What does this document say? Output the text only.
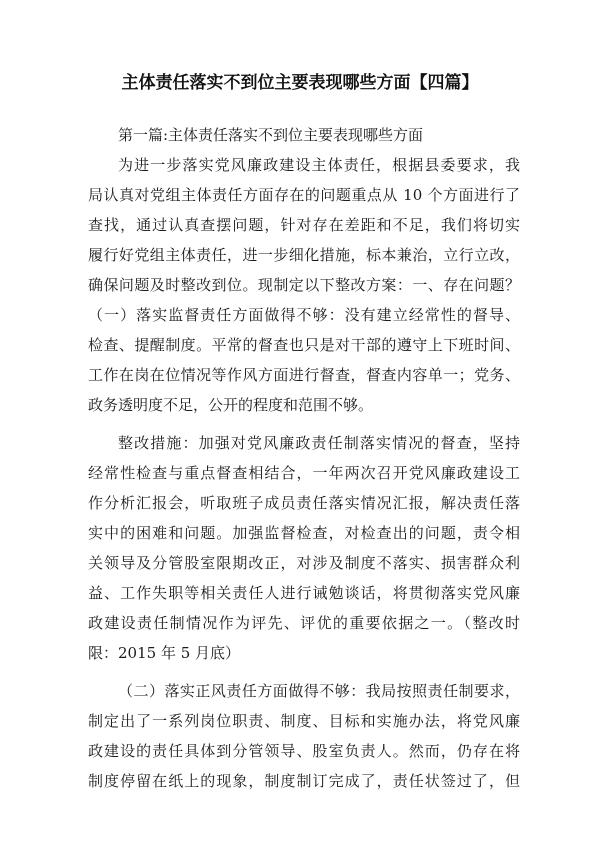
主体责任落实不到位主要表现哪些方面【四篇】
第一篇:主体责任落实不到位主要表现哪些方面
为进一步落实党风廉政建设主体责任，根据县委要求，我
局认真对党组主体责任方面存在的问题重点从 10 个方面进行了
查找，通过认真查摆问题，针对存在差距和不足，我们将切实
履行好党组主体责任，进一步细化措施，标本兼治，立行立改，
确保问题及时整改到位。现制定以下整改方案：一、存在问题？
（一）落实监督责任方面做得不够：没有建立经常性的督导、
检查、提醒制度。平常的督查也只是对干部的遵守上下班时间、
工作在岗在位情况等作风方面进行督查，督查内容单一；党务、
政务透明度不足，公开的程度和范围不够。
整改措施：加强对党风廉政责任制落实情况的督查，坚持
经常性检查与重点督查相结合，一年两次召开党风廉政建设工
作分析汇报会，听取班子成员责任落实情况汇报，解决责任落
实中的困难和问题。加强监督检查，对检查出的问题，责令相
关领导及分管股室限期改正，对涉及制度不落实、损害群众利
益、工作失职等相关责任人进行诫勉谈话，将贯彻落实党风廉
政建设责任制情况作为评先、评优的重要依据之一。（整改时
限：2015 年 5 月底）
（二）落实正风责任方面做得不够：我局按照责任制要求，
制定出了一系列岗位职责、制度、目标和实施办法，将党风廉
政建设的责任具体到分管领导、股室负责人。然而，仍存在将
制度停留在纸上的现象，制度制订完成了，责任状签过了，但
